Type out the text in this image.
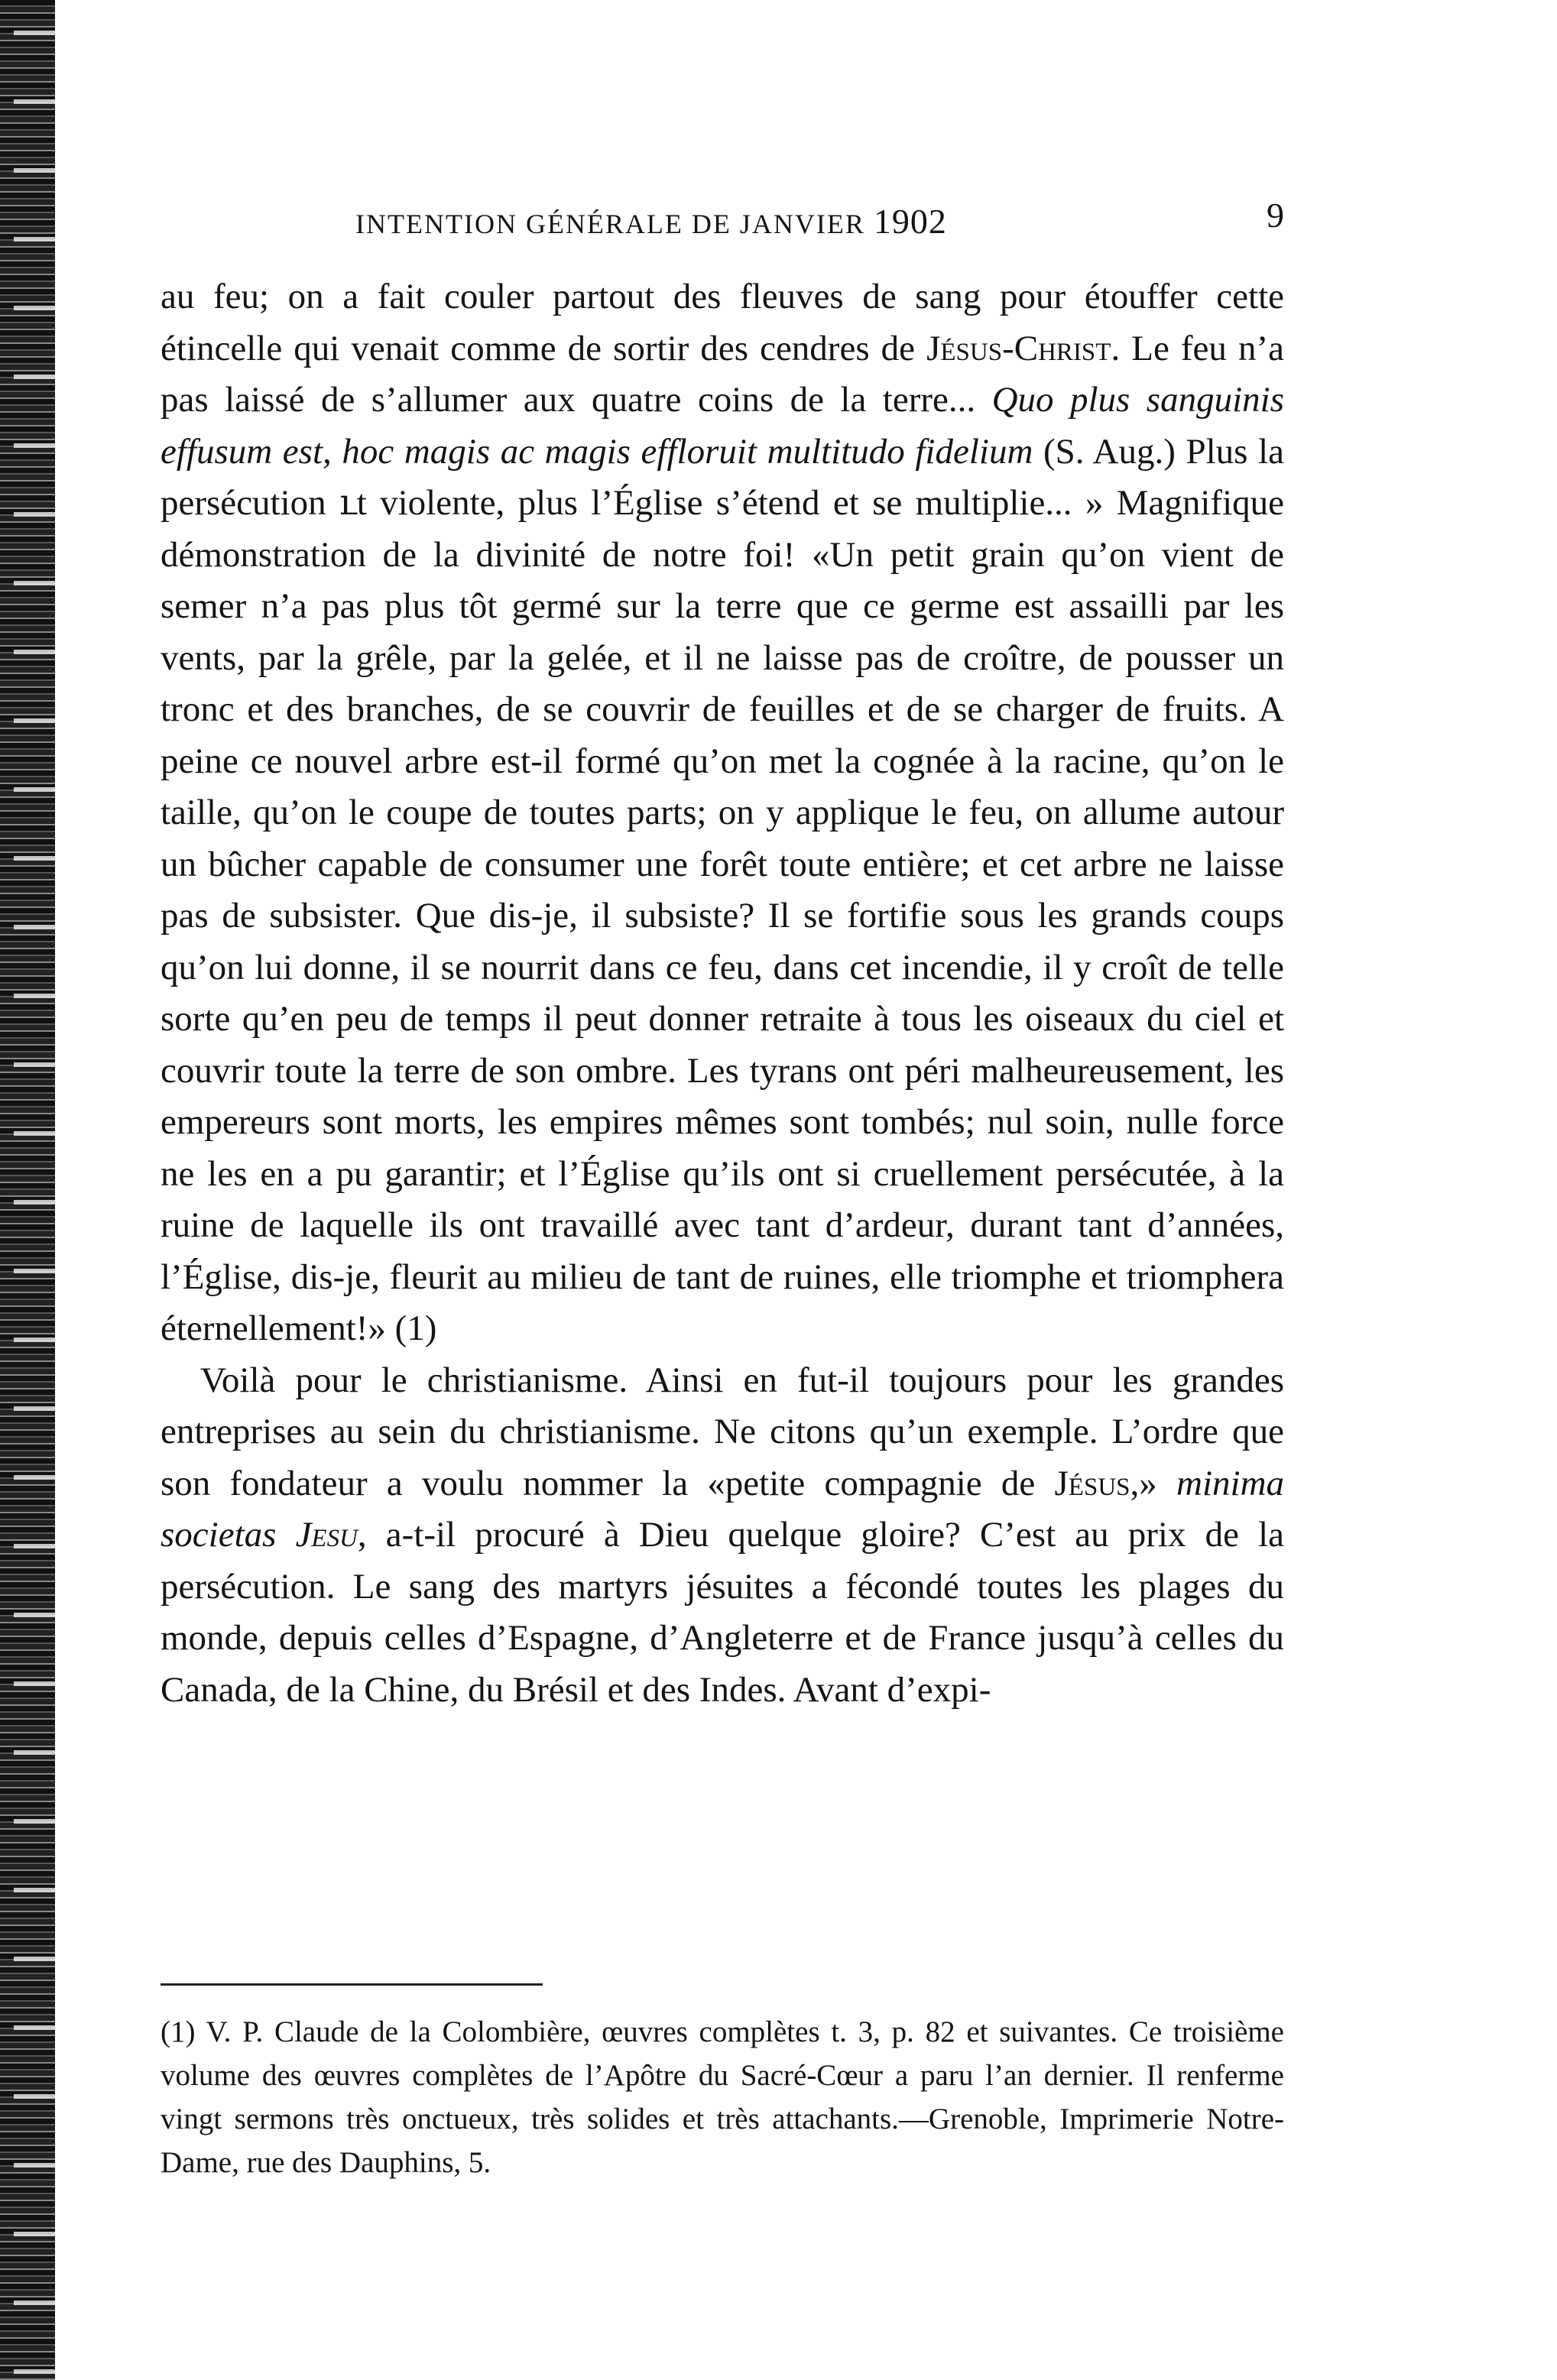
INTENTION GÉNÉRALE DE JANVIER 1902	9

au feu; on a fait couler partout des fleuves de sang pour étouffer cette étincelle qui venait comme de sortir des cendres de Jésus-Christ. Le feu n’a pas laissé de s’allumer aux quatre coins de la terre... Quo plus sanguinis effusum est, hoc magis ac magis effloruit multitudo fidelium (S. Aug.) Plus la persécution ւt violente, plus l’Église s’étend et se multiplie... » Magnifique démonstration de la divinité de notre foi! «Un petit grain qu’on vient de semer n’a pas plus tôt germé sur la terre que ce germe est assailli par les vents, par la grêle, par la gelée, et il ne laisse pas de croître, de pousser un tronc et des branches, de se couvrir de feuilles et de se charger de fruits. A peine ce nouvel arbre est-il formé qu’on met la cognée à la racine, qu’on le taille, qu’on le coupe de toutes parts; on y applique le feu, on allume autour un bûcher capable de consumer une forêt toute entière; et cet arbre ne laisse pas de subsister. Que dis-je, il subsiste? Il se fortifie sous les grands coups qu’on lui donne, il se nourrit dans ce feu, dans cet incendie, il y croît de telle sorte qu’en peu de temps il peut donner retraite à tous les oiseaux du ciel et couvrir toute la terre de son ombre. Les tyrans ont péri malheureusement, les empereurs sont morts, les empires mêmes sont tombés; nul soin, nulle force ne les en a pu garantir; et l’Église qu’ils ont si cruellement persécutée, à la ruine de laquelle ils ont travaillé avec tant d’ardeur, durant tant d’années, l’Église, dis-je, fleurit au milieu de tant de ruines, elle triomphe et triomphera éternellement!» (1)

Voilà pour le christianisme. Ainsi en fut-il toujours pour les grandes entreprises au sein du christianisme. Ne citons qu’un exemple. L’ordre que son fondateur a voulu nommer la «petite compagnie de Jésus,» minima societas Jesu, a-t-il procuré à Dieu quelque gloire? C’est au prix de la persécution. Le sang des martyrs jésuites a fécondé toutes les plages du monde, depuis celles d’Espagne, d’Angleterre et de France jusqu’à celles du Canada, de la Chine, du Brésil et des Indes. Avant d’expi-

(1) V. P. Claude de la Colombière, œuvres complètes t. 3, p. 82 et suivantes. Ce troisième volume des œuvres complètes de l’Apôtre du Sacré-Cœur a paru l’an dernier. Il renferme vingt sermons très onctueux, très solides et très attachants.—Grenoble, Imprimerie Notre-Dame, rue des Dauphins, 5.
